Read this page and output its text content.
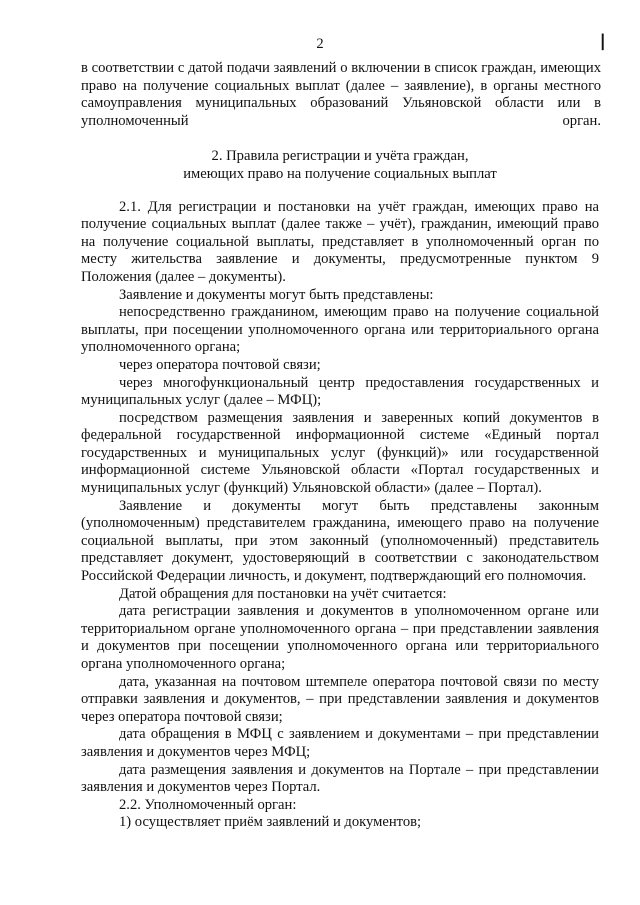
2	❘

в соответствии с датой подачи заявлений о включении в список граждан, имеющих право на получение социальных выплат (далее – заявление), в органы местного самоуправления муниципальных образований Ульяновской области или в уполномоченный орган.

2. Правила регистрации и учёта граждан,

имеющих право на получение социальных выплат

2.1. Для регистрации и постановки на учёт граждан, имеющих право на получение социальных выплат (далее также – учёт), гражданин, имеющий право на получение социальной выплаты, представляет в уполномоченный орган по месту жительства заявление и документы, предусмотренные пунктом 9 Положения (далее – документы).

Заявление и документы могут быть представлены:

непосредственно гражданином, имеющим право на получение социальной выплаты, при посещении уполномоченного органа или территориального органа уполномоченного органа;

через оператора почтовой связи;

через многофункциональный центр предоставления государственных и муниципальных услуг (далее – МФЦ);

посредством размещения заявления и заверенных копий документов в федеральной государственной информационной системе «Единый портал государственных и муниципальных услуг (функций)» или государственной информационной системе Ульяновской области «Портал государственных и муниципальных услуг (функций) Ульяновской области» (далее – Портал).

Заявление и документы могут быть представлены законным (уполномоченным) представителем гражданина, имеющего право на получение социальной выплаты, при этом законный (уполномоченный) представитель представляет документ, удостоверяющий в соответствии с законодательством Российской Федерации личность, и документ, подтверждающий его полномочия.

Датой обращения для постановки на учёт считается:

дата регистрации заявления и документов в уполномоченном органе или территориальном органе уполномоченного органа – при представлении заявления и документов при посещении уполномоченного органа или территориального органа уполномоченного органа;

дата, указанная на почтовом штемпеле оператора почтовой связи по месту отправки заявления и документов, – при представлении заявления и документов через оператора почтовой связи;

дата обращения в МФЦ с заявлением и документами – при представлении заявления и документов через МФЦ;

дата размещения заявления и документов на Портале – при представлении заявления и документов через Портал.

2.2. Уполномоченный орган:

1) осуществляет приём заявлений и документов;
